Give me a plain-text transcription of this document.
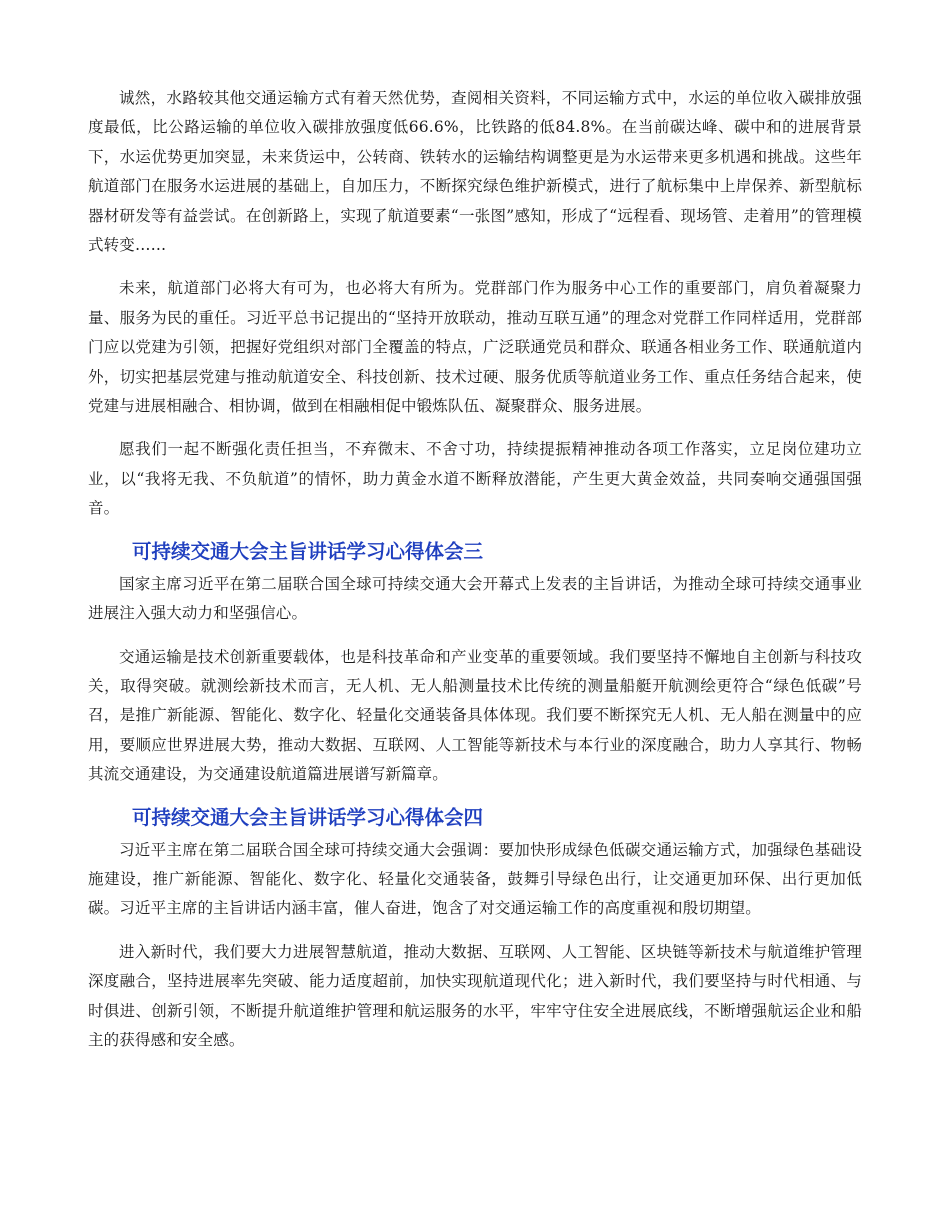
诚然，水路较其他交通运输方式有着天然优势，查阅相关资料，不同运输方式中，水运的单位收入碳排放强度最低，比公路运输的单位收入碳排放强度低66.6%，比铁路的低84.8%。在当前碳达峰、碳中和的进展背景下，水运优势更加突显，未来货运中，公转商、铁转水的运输结构调整更是为水运带来更多机遇和挑战。这些年航道部门在服务水运进展的基础上，自加压力，不断探究绿色维护新模式，进行了航标集中上岸保养、新型航标器材研发等有益尝试。在创新路上，实现了航道要素“一张图”感知，形成了“远程看、现场管、走着用”的管理模式转变……

未来，航道部门必将大有可为，也必将大有所为。党群部门作为服务中心工作的重要部门，肩负着凝聚力量、服务为民的重任。习近平总书记提出的“坚持开放联动，推动互联互通”的理念对党群工作同样适用，党群部门应以党建为引领，把握好党组织对部门全覆盖的特点，广泛联通党员和群众、联通各相业务工作、联通航道内外，切实把基层党建与推动航道安全、科技创新、技术过硬、服务优质等航道业务工作、重点任务结合起来，使党建与进展相融合、相协调，做到在相融相促中锻炼队伍、凝聚群众、服务进展。

愿我们一起不断强化责任担当，不弃微末、不舍寸功，持续提振精神推动各项工作落实，立足岗位建功立业，以“我将无我、不负航道”的情怀，助力黄金水道不断释放潜能，产生更大黄金效益，共同奏响交通强国强音。

可持续交通大会主旨讲话学习心得体会三

国家主席习近平在第二届联合国全球可持续交通大会开幕式上发表的主旨讲话，为推动全球可持续交通事业进展注入强大动力和坚强信心。

交通运输是技术创新重要载体，也是科技革命和产业变革的重要领域。我们要坚持不懈地自主创新与科技攻关，取得突破。就测绘新技术而言，无人机、无人船测量技术比传统的测量船艇开航测绘更符合“绿色低碳”号召，是推广新能源、智能化、数字化、轻量化交通装备具体体现。我们要不断探究无人机、无人船在测量中的应用，要顺应世界进展大势，推动大数据、互联网、人工智能等新技术与本行业的深度融合，助力人享其行、物畅其流交通建设，为交通建设航道篇进展谱写新篇章。

可持续交通大会主旨讲话学习心得体会四

习近平主席在第二届联合国全球可持续交通大会强调：要加快形成绿色低碳交通运输方式，加强绿色基础设施建设，推广新能源、智能化、数字化、轻量化交通装备，鼓舞引导绿色出行，让交通更加环保、出行更加低碳。习近平主席的主旨讲话内涵丰富，催人奋进，饱含了对交通运输工作的高度重视和殷切期望。

进入新时代，我们要大力进展智慧航道，推动大数据、互联网、人工智能、区块链等新技术与航道维护管理深度融合，坚持进展率先突破、能力适度超前，加快实现航道现代化；进入新时代，我们要坚持与时代相通、与时俱进、创新引领，不断提升航道维护管理和航运服务的水平，牢牢守住安全进展底线，不断增强航运企业和船主的获得感和安全感。
